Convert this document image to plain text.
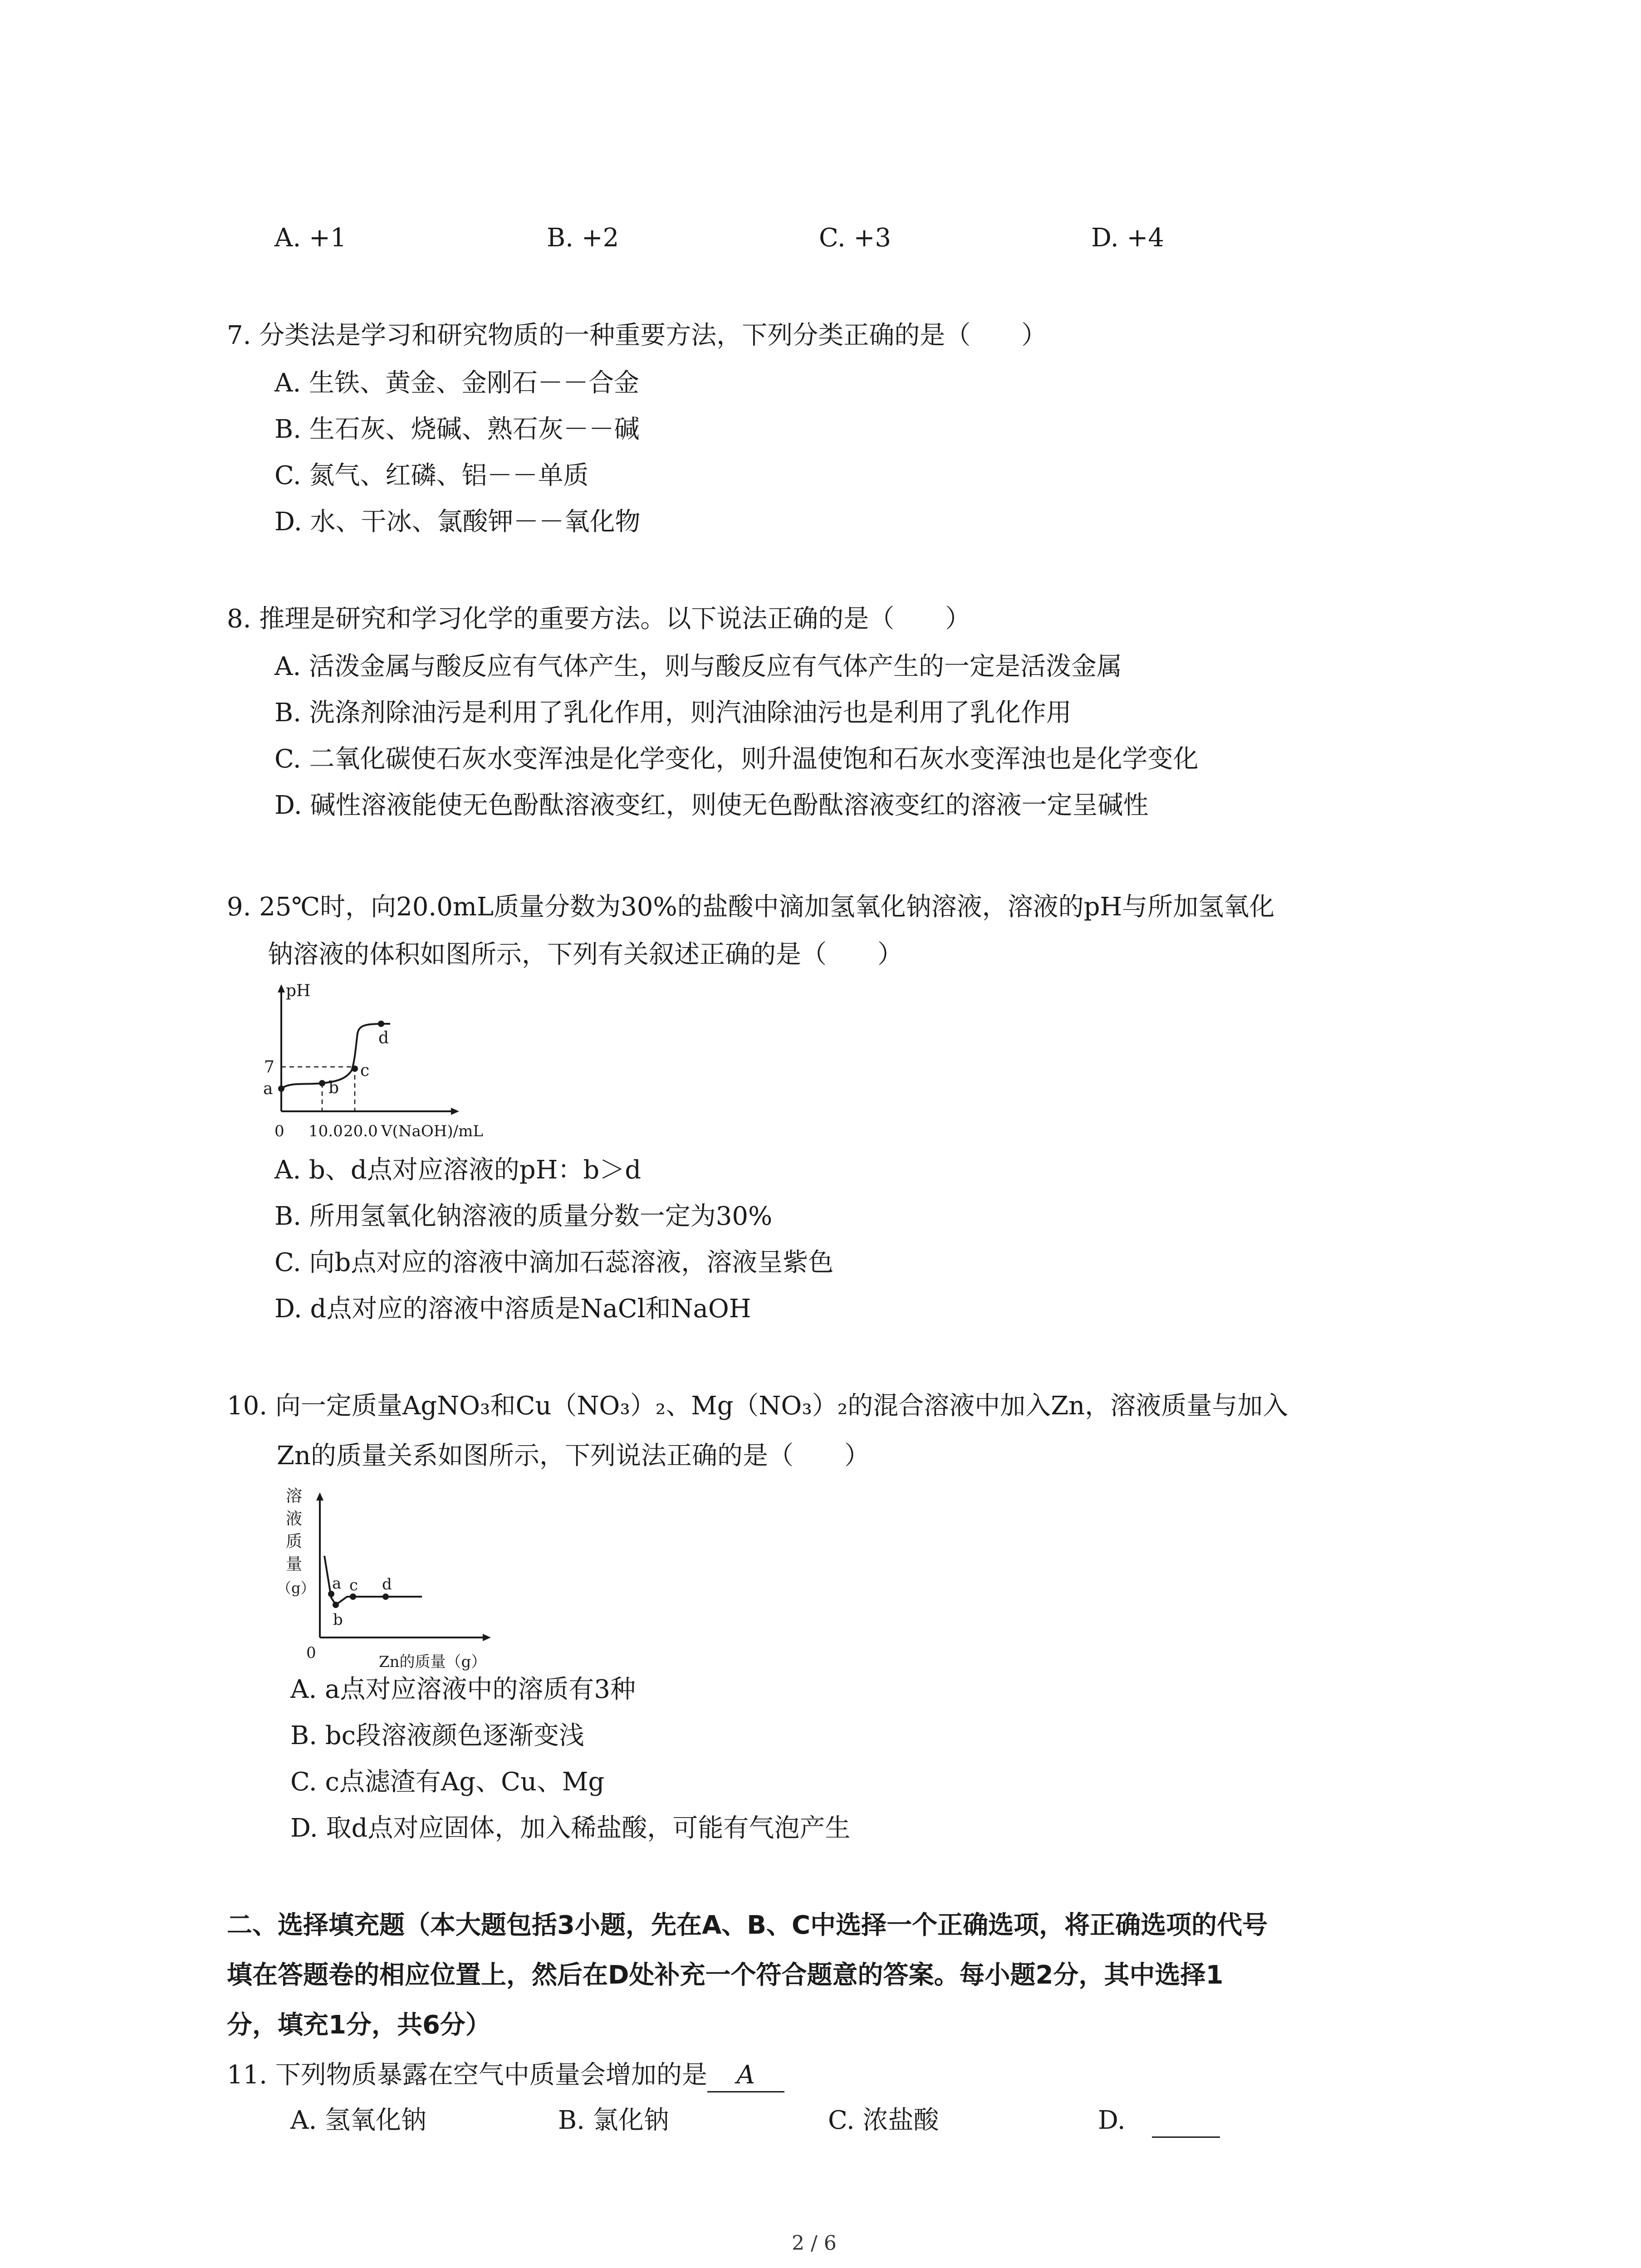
A. +1	B. +2	C. +3	D. +4
7. 分类法是学习和研究物质的一种重要方法，下列分类正确的是（　　）
A. 生铁、黄金、金刚石－－合金
B. 生石灰、烧碱、熟石灰－－碱
C. 氮气、红磷、铝－－单质
D. 水、干冰、氯酸钾－－氧化物
8. 推理是研究和学习化学的重要方法。以下说法正确的是（　　）
A. 活泼金属与酸反应有气体产生，则与酸反应有气体产生的一定是活泼金属
B. 洗涤剂除油污是利用了乳化作用，则汽油除油污也是利用了乳化作用
C. 二氧化碳使石灰水变浑浊是化学变化，则升温使饱和石灰水变浑浊也是化学变化
D. 碱性溶液能使无色酚酞溶液变红，则使无色酚酞溶液变红的溶液一定呈碱性
9. 25℃时，向20.0mL质量分数为30%的盐酸中滴加氢氧化钠溶液，溶液的pH与所加氢氧化
钠溶液的体积如图所示，下列有关叙述正确的是（　　）
pH
7
a	b
c
d
0 10.0 20.0 V(NaOH)/mL
A. b、d点对应溶液的pH：b＞d
B. 所用氢氧化钠溶液的质量分数一定为30%
C. 向b点对应的溶液中滴加石蕊溶液，溶液呈紫色
D. d点对应的溶液中溶质是NaCl和NaOH
10. 向一定质量AgNO₃和Cu（NO₃）₂、Mg（NO₃）₂的混合溶液中加入Zn，溶液质量与加入
Zn的质量关系如图所示，下列说法正确的是（　　）
溶
液
质
量
（g） a
b
c d
0	Zn的质量（g）
A. a点对应溶液中的溶质有3种
B. bc段溶液颜色逐渐变浅
C. c点滤渣有Ag、Cu、Mg
D. 取d点对应固体，加入稀盐酸，可能有气泡产生
二、选择填充题（本大题包括3小题，先在A、B、C中选择一个正确选项，将正确选项的代号
填在答题卷的相应位置上，然后在D处补充一个符合题意的答案。每小题2分，其中选择1
分，填充1分，共6分）
11. 下列物质暴露在空气中质量会增加的是 A
A. 氢氧化钠	B. 氯化钠	C. 浓盐酸	D.
2 / 6
